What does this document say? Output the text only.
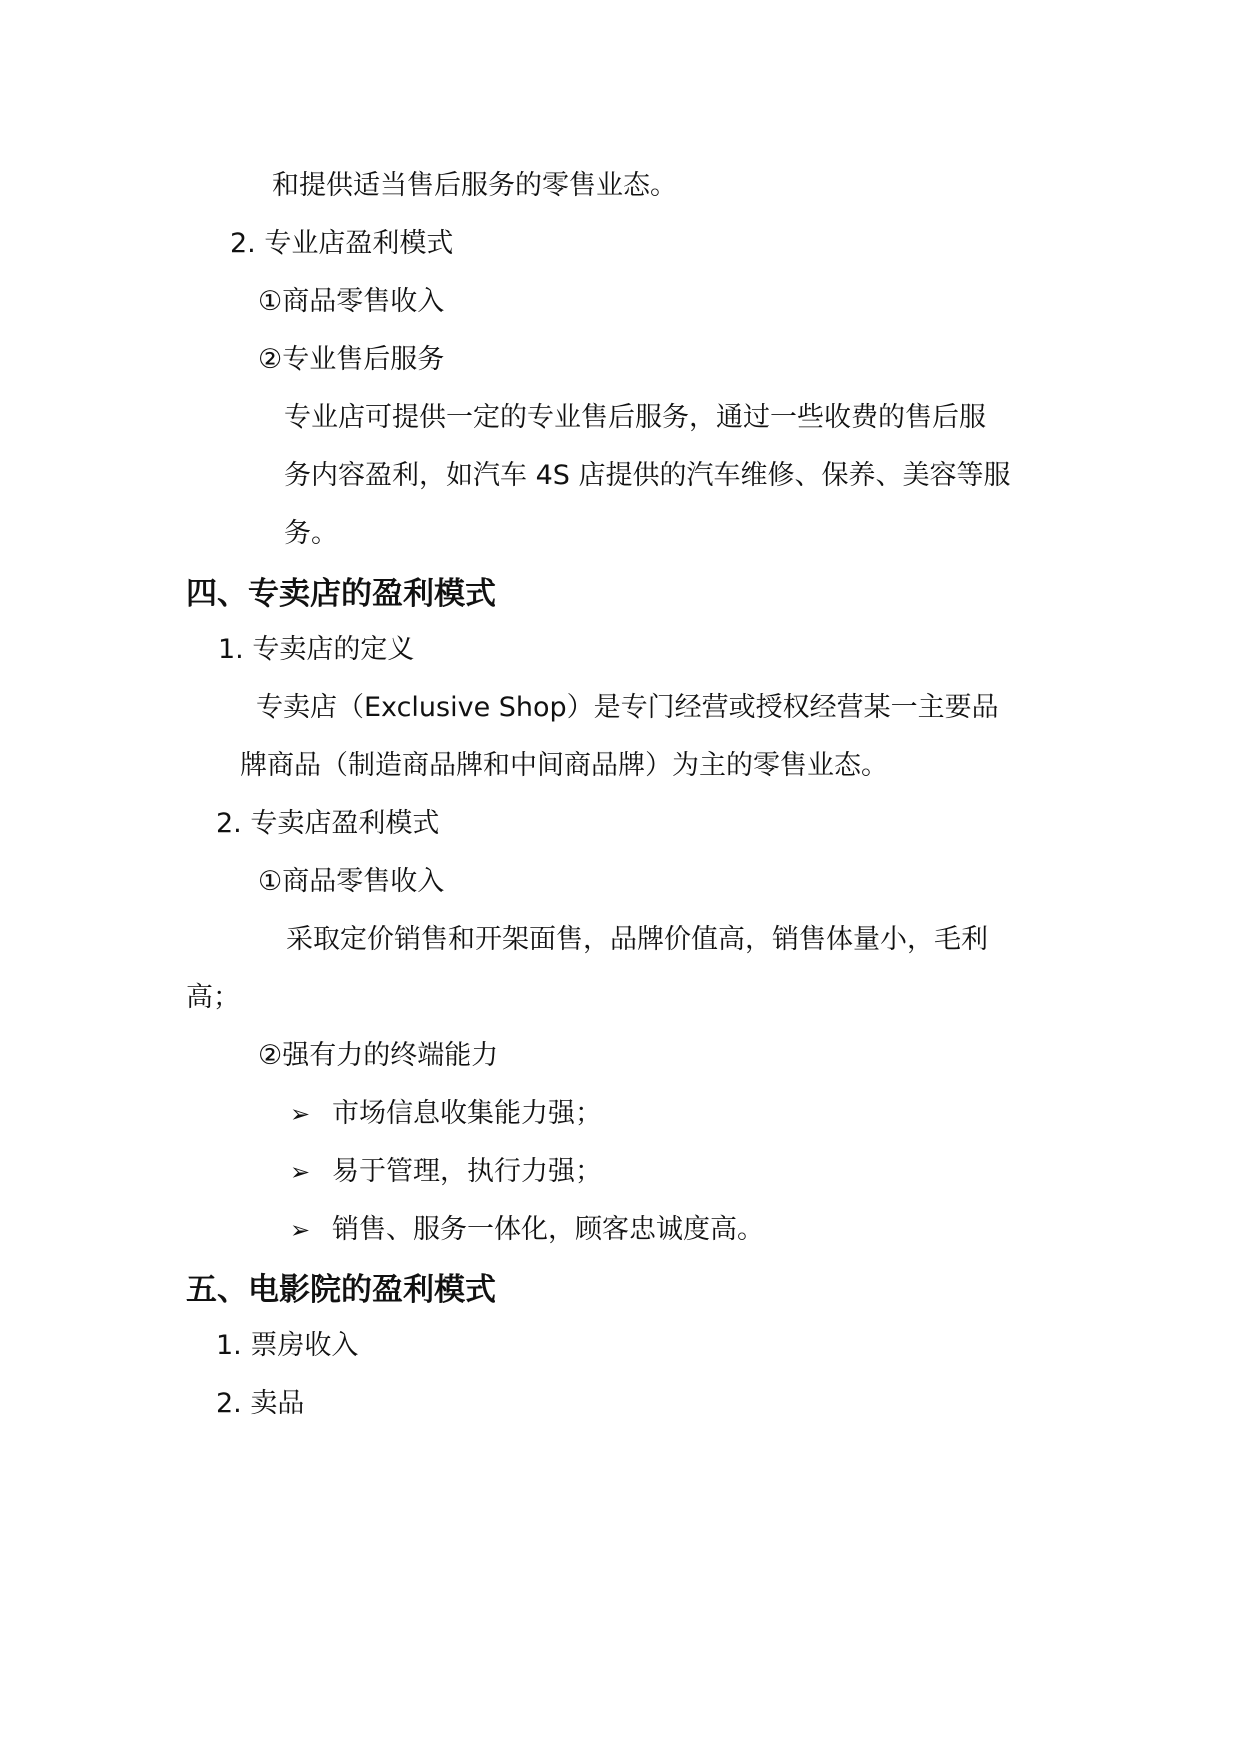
和提供适当售后服务的零售业态。
2. 专业店盈利模式
①商品零售收入
②专业售后服务
专业店可提供一定的专业售后服务，通过一些收费的售后服
务内容盈利，如汽车 4S 店提供的汽车维修、保养、美容等服
务。
四、专卖店的盈利模式
1. 专卖店的定义
专卖店（Exclusive Shop）是专门经营或授权经营某一主要品
牌商品（制造商品牌和中间商品牌）为主的零售业态。
2. 专卖店盈利模式
①商品零售收入
采取定价销售和开架面售，品牌价值高，销售体量小，毛利
高；
②强有力的终端能力
➢ 市场信息收集能力强；
➢ 易于管理，执行力强；
➢ 销售、服务一体化，顾客忠诚度高。
五、电影院的盈利模式
1. 票房收入
2. 卖品
